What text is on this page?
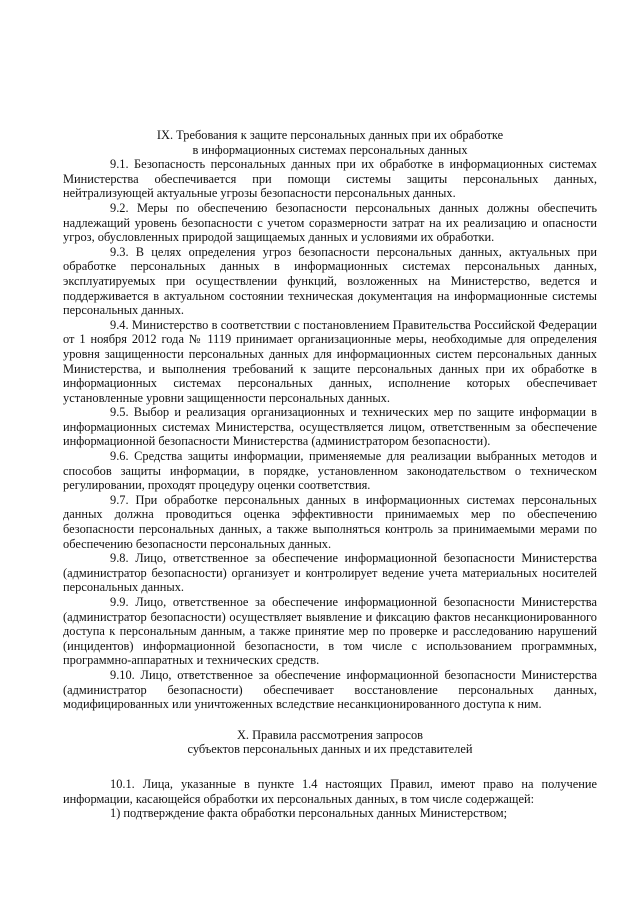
IX. Требования к защите персональных данных при их обработке
в информационных системах персональных данных

9.1. Безопасность персональных данных при их обработке в информационных системах Министерства обеспечивается при помощи системы защиты персональных данных, нейтрализующей актуальные угрозы безопасности персональных данных.

9.2. Меры по обеспечению безопасности персональных данных должны обеспечить надлежащий уровень безопасности с учетом соразмерности затрат на их реализацию и опасности угроз, обусловленных природой защищаемых данных и условиями их обработки.

9.3. В целях определения угроз безопасности персональных данных, актуальных при обработке персональных данных в информационных системах персональных данных, эксплуатируемых при осуществлении функций, возложенных на Министерство, ведется и поддерживается в актуальном состоянии техническая документация на информационные системы персональных данных.

9.4. Министерство в соответствии с постановлением Правительства Российской Федерации от 1 ноября 2012 года № 1119 принимает организационные меры, необходимые для определения уровня защищенности персональных данных для информационных систем персональных данных Министерства, и выполнения требований к защите персональных данных при их обработке в информационных системах персональных данных, исполнение которых обеспечивает установленные уровни защищенности персональных данных.

9.5. Выбор и реализация организационных и технических мер по защите информации в информационных системах Министерства, осуществляется лицом, ответственным за обеспечение информационной безопасности Министерства (администратором безопасности).

9.6. Средства защиты информации, применяемые для реализации выбранных методов и способов защиты информации, в порядке, установленном законодательством о техническом регулировании, проходят процедуру оценки соответствия.

9.7. При обработке персональных данных в информационных системах персональных данных должна проводиться оценка эффективности принимаемых мер по обеспечению безопасности персональных данных, а также выполняться контроль за принимаемыми мерами по обеспечению безопасности персональных данных.

9.8. Лицо, ответственное за обеспечение информационной безопасности Министерства (администратор безопасности) организует и контролирует ведение учета материальных носителей персональных данных.

9.9. Лицо, ответственное за обеспечение информационной безопасности Министерства (администратор безопасности) осуществляет выявление и фиксацию фактов несанкционированного доступа к персональным данным, а также принятие мер по проверке и расследованию нарушений (инцидентов) информационной безопасности, в том числе с использованием программных, программно-аппаратных и технических средств.

9.10. Лицо, ответственное за обеспечение информационной безопасности Министерства (администратор безопасности) обеспечивает восстановление персональных данных, модифицированных или уничтоженных вследствие несанкционированного доступа к ним.

X. Правила рассмотрения запросов
субъектов персональных данных и их представителей

10.1. Лица, указанные в пункте 1.4 настоящих Правил, имеют право на получение информации, касающейся обработки их персональных данных, в том числе содержащей:

1) подтверждение факта обработки персональных данных Министерством;
